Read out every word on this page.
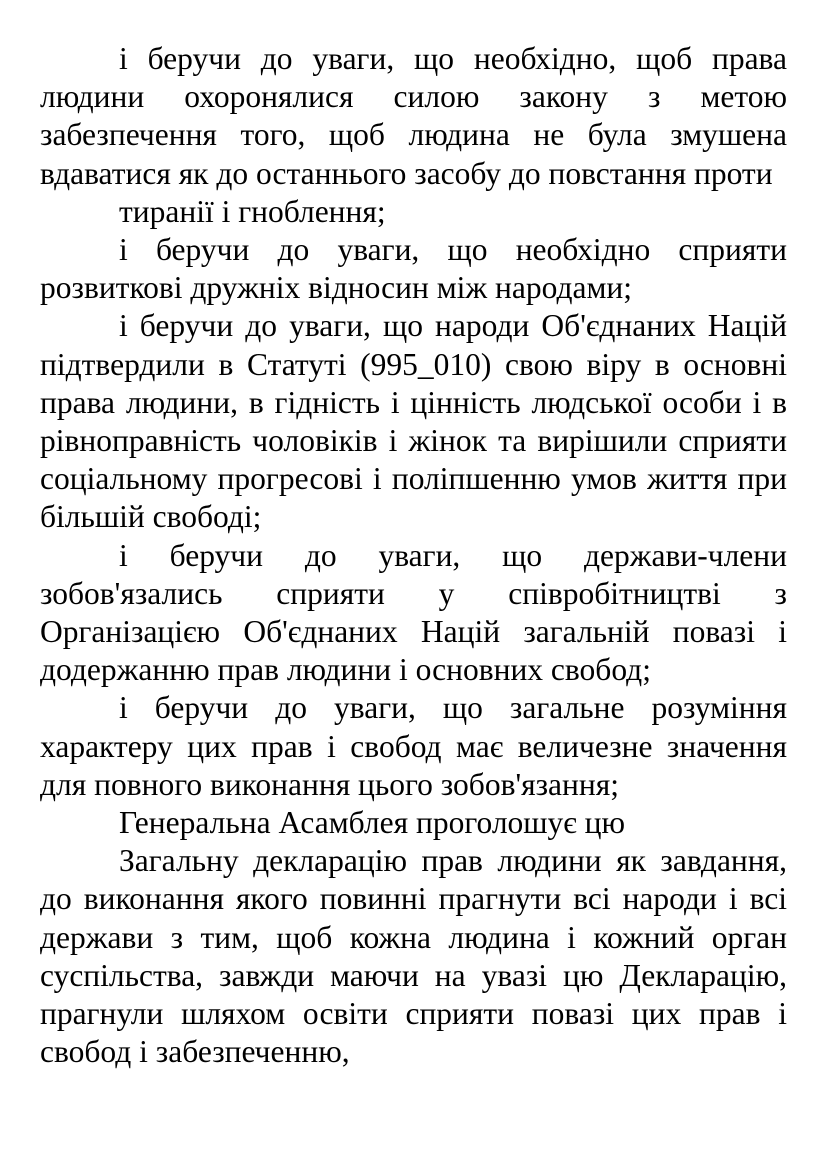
і беручи до уваги, що необхідно, щоб права людини охоронялися силою закону з метою забезпечення того, щоб людина не була змушена вдаватися як до останнього засобу до повстання проти

тиранії і гноблення;

і беручи до уваги, що необхідно сприяти розвиткові дружніх відносин між народами;

і беручи до уваги, що народи Об'єднаних Націй підтвердили в Статуті (995_010) свою віру в основні права людини, в гідність і цінність людської особи і в рівноправність чоловіків і жінок та вирішили сприяти соціальному прогресові і поліпшенню умов життя при більшій свободі;

і беручи до уваги, що держави-члени зобов'язались сприяти у співробітництві з Організацією Об'єднаних Націй загальній повазі і додержанню прав людини і основних свобод;

і беручи до уваги, що загальне розуміння характеру цих прав і свобод має величезне значення для повного виконання цього зобов'язання;

Генеральна Асамблея проголошує цю

Загальну декларацію прав людини як завдання, до виконання якого повинні прагнути всі народи і всі держави з тим, щоб кожна людина і кожний орган суспільства, завжди маючи на увазі цю Декларацію, прагнули шляхом освіти сприяти повазі цих прав і свобод і забезпеченню,
